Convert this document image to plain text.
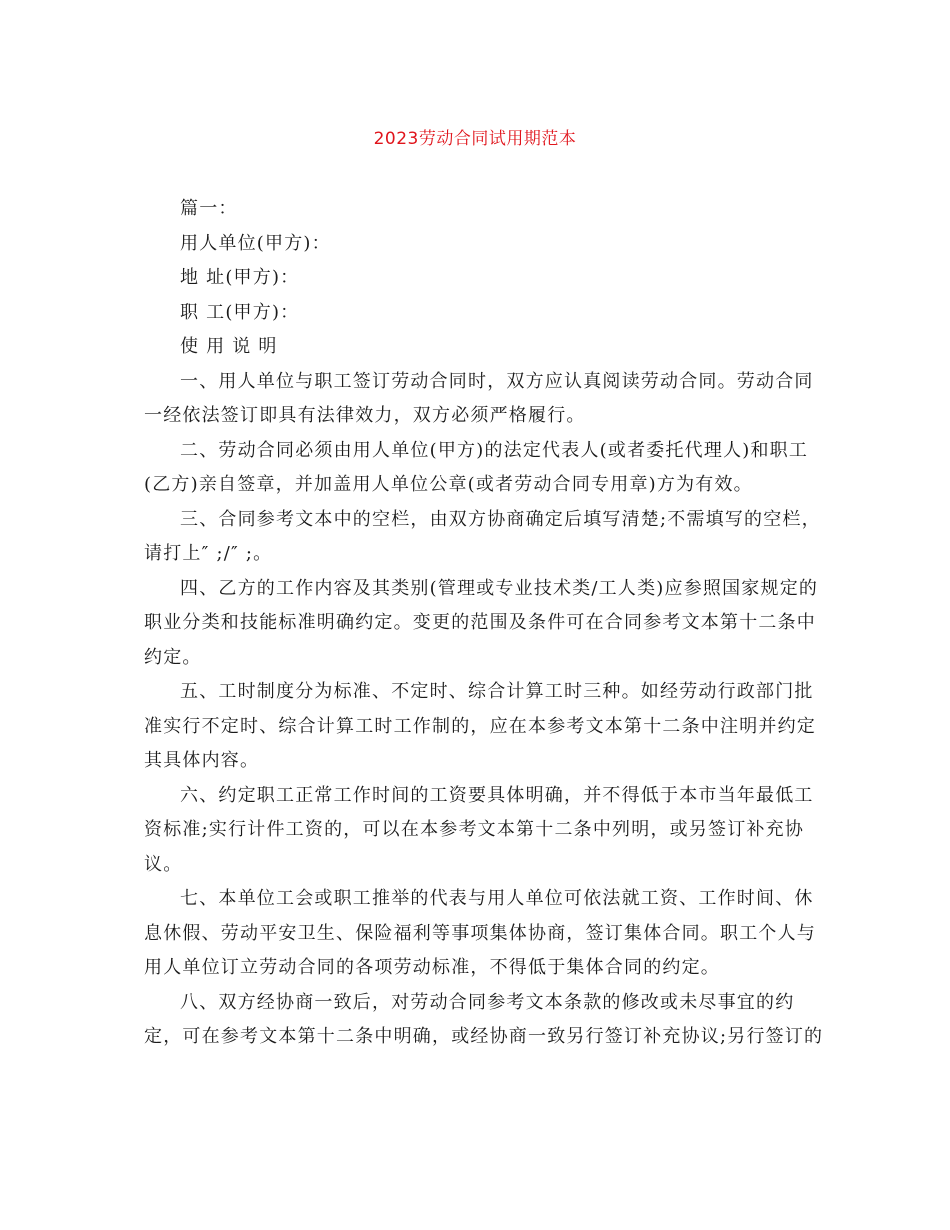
2023劳动合同试用期范本
篇一：
用人单位(甲方)：
地 址(甲方)：
职 工(甲方)：
使 用 说 明
一、用人单位与职工签订劳动合同时，双方应认真阅读劳动合同。劳动合同
一经依法签订即具有法律效力，双方必须严格履行。
二、劳动合同必须由用人单位(甲方)的法定代表人(或者委托代理人)和职工
(乙方)亲自签章，并加盖用人单位公章(或者劳动合同专用章)方为有效。
三、合同参考文本中的空栏，由双方协商确定后填写清楚;不需填写的空栏，
请打上″ ;/″ ;。
四、乙方的工作内容及其类别(管理或专业技术类/工人类)应参照国家规定的
职业分类和技能标准明确约定。变更的范围及条件可在合同参考文本第十二条中
约定。
五、工时制度分为标准、不定时、综合计算工时三种。如经劳动行政部门批
准实行不定时、综合计算工时工作制的，应在本参考文本第十二条中注明并约定
其具体内容。
六、约定职工正常工作时间的工资要具体明确，并不得低于本市当年最低工
资标准;实行计件工资的，可以在本参考文本第十二条中列明，或另签订补充协
议。
七、本单位工会或职工推举的代表与用人单位可依法就工资、工作时间、休
息休假、劳动平安卫生、保险福利等事项集体协商，签订集体合同。职工个人与
用人单位订立劳动合同的各项劳动标准，不得低于集体合同的约定。
八、双方经协商一致后，对劳动合同参考文本条款的修改或未尽事宜的约
定，可在参考文本第十二条中明确，或经协商一致另行签订补充协议;另行签订的
